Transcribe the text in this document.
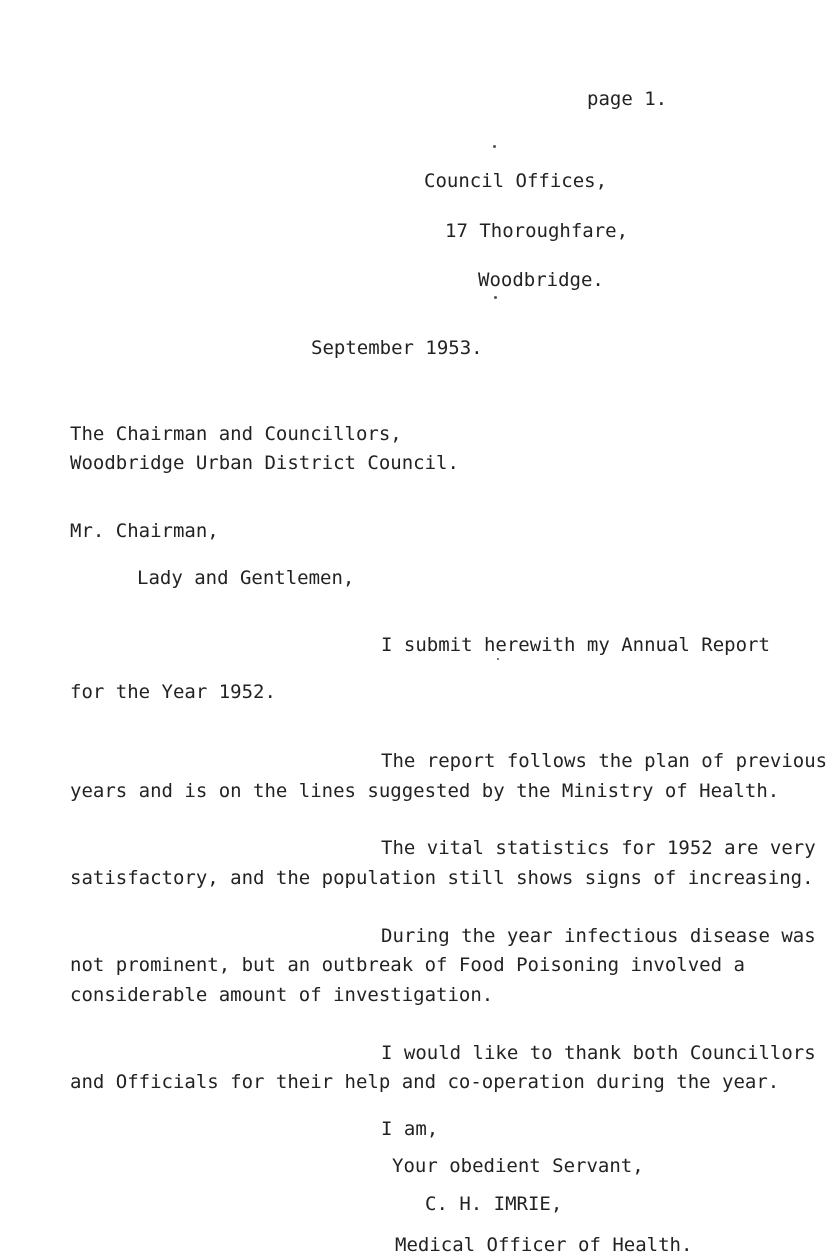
page 1.
Council Offices,
17 Thoroughfare,
Woodbridge.
September 1953.
The Chairman and Councillors,
Woodbridge Urban District Council.
Mr. Chairman,
Lady and Gentlemen,
I submit herewith my Annual Report
for the Year 1952.
The report follows the plan of previous
years and is on the lines suggested by the Ministry of Health.
The vital statistics for 1952 are very
satisfactory, and the population still shows signs of increasing.
During the year infectious disease was
not prominent, but an outbreak of Food Poisoning involved a
considerable amount of investigation.
I would like to thank both Councillors
and Officials for their help and co-operation during the year.
I am,
Your obedient Servant,
C. H. IMRIE,
Medical Officer of Health.
